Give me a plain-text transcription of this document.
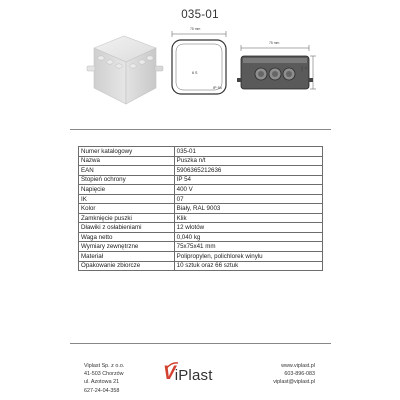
035-01
75 mm
6 S
IP 54
75 mm
41 mm
Numer katalogowy	035-01
Nazwa	Puszka n/t
EAN	5906365212636
Stopień ochrony	IP 54
Napięcie	400 V
IK	07
Kolor	Biały, RAL 9003
Zamknięcie puszki	Klik
Dławiki z osłabieniami	12 wlotów
Waga netto	0,040 kg
Wymiary zewnętrzne	75x75x41 mm
Materiał	Polipropylen, polichlorek winylu
Opakowanie zbiorcze	10 sztuk oraz 66 sztuk
Viplast Sp. z o.o.
41-503 Chorzów
ul. Azotowa 21
627-24-04-358
V iPlast
www.viplast.pl
603-896-083
viplast@viplast.pl
